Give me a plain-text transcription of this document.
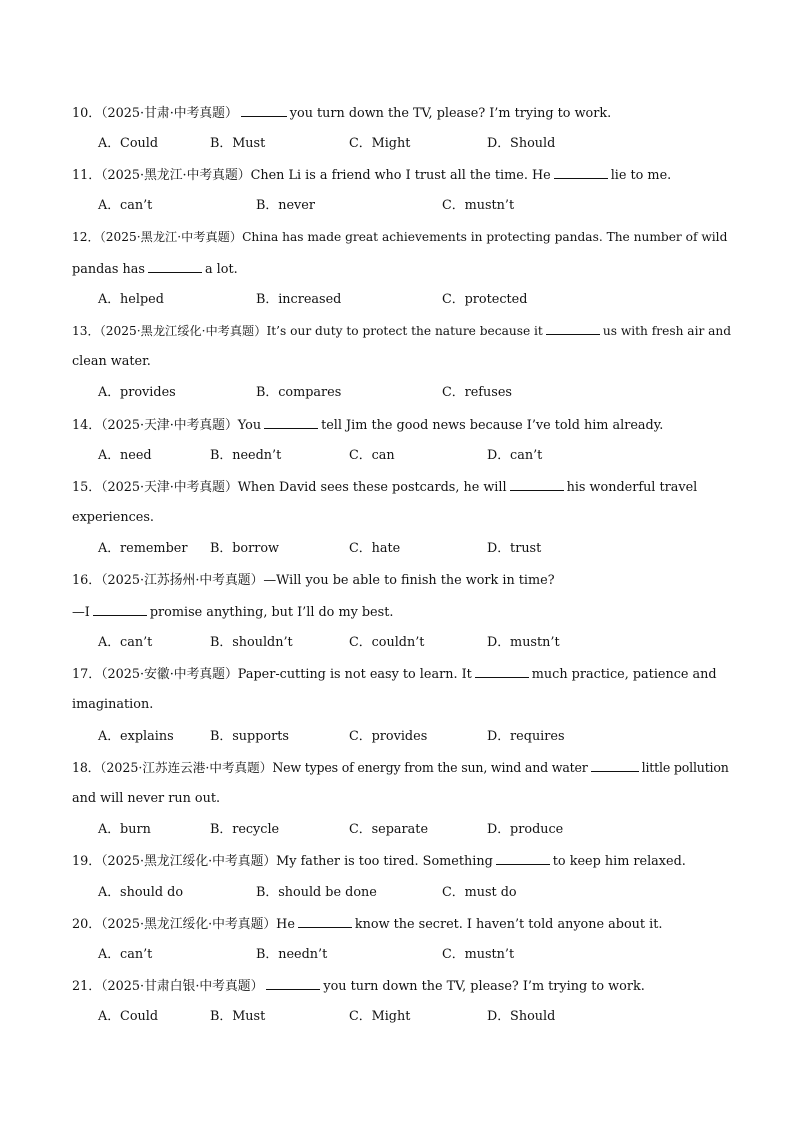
10．（2025·甘肃·中考真题）	you turn down the TV, please? I’m trying to work.
A．Could	B．Must	C．Might	D．Should
11．（2025·黑龙江·中考真题）Chen Li is a friend who I trust all the time. He	lie to me.
A．can’t	B．never	C．mustn’t
12．（2025·黑龙江·中考真题）China has made great achievements in protecting pandas. The number of wild
pandas has	a lot.
A．helped	B．increased	C．protected
13．（2025·黑龙江绥化·中考真题）It’s our duty to protect the nature because it	us with fresh air and
clean water.
A．provides	B．compares	C．refuses
14．（2025·天津·中考真题）You	tell Jim the good news because I’ve told him already.
A．need	B．needn’t	C．can	D．can’t
15．（2025·天津·中考真题）When David sees these postcards, he will	his wonderful travel
experiences.
A．remember B．borrow	C．hate	D．trust
16．（2025·江苏扬州·中考真题）—Will you be able to finish the work in time?
—I	promise anything, but I’ll do my best.
A．can’t	B．shouldn’t	C．couldn’t	D．mustn’t
17．（2025·安徽·中考真题）Paper-cutting is not easy to learn. It	much practice, patience and
imagination.
A．explains	B．supports	C．provides	D．requires
18．（2025·江苏连云港·中考真题）New types of energy from the sun, wind and water	little pollution
and will never run out.
A．burn	B．recycle	C．separate	D．produce
19．（2025·黑龙江绥化·中考真题）My father is too tired. Something	to keep him relaxed.
A．should do	B．should be done	C．must do
20．（2025·黑龙江绥化·中考真题）He	know the secret. I haven’t told anyone about it.
A．can’t	B．needn’t	C．mustn’t
21．（2025·甘肃白银·中考真题）	you turn down the TV, please? I’m trying to work.
A．Could	B．Must	C．Might	D．Should
